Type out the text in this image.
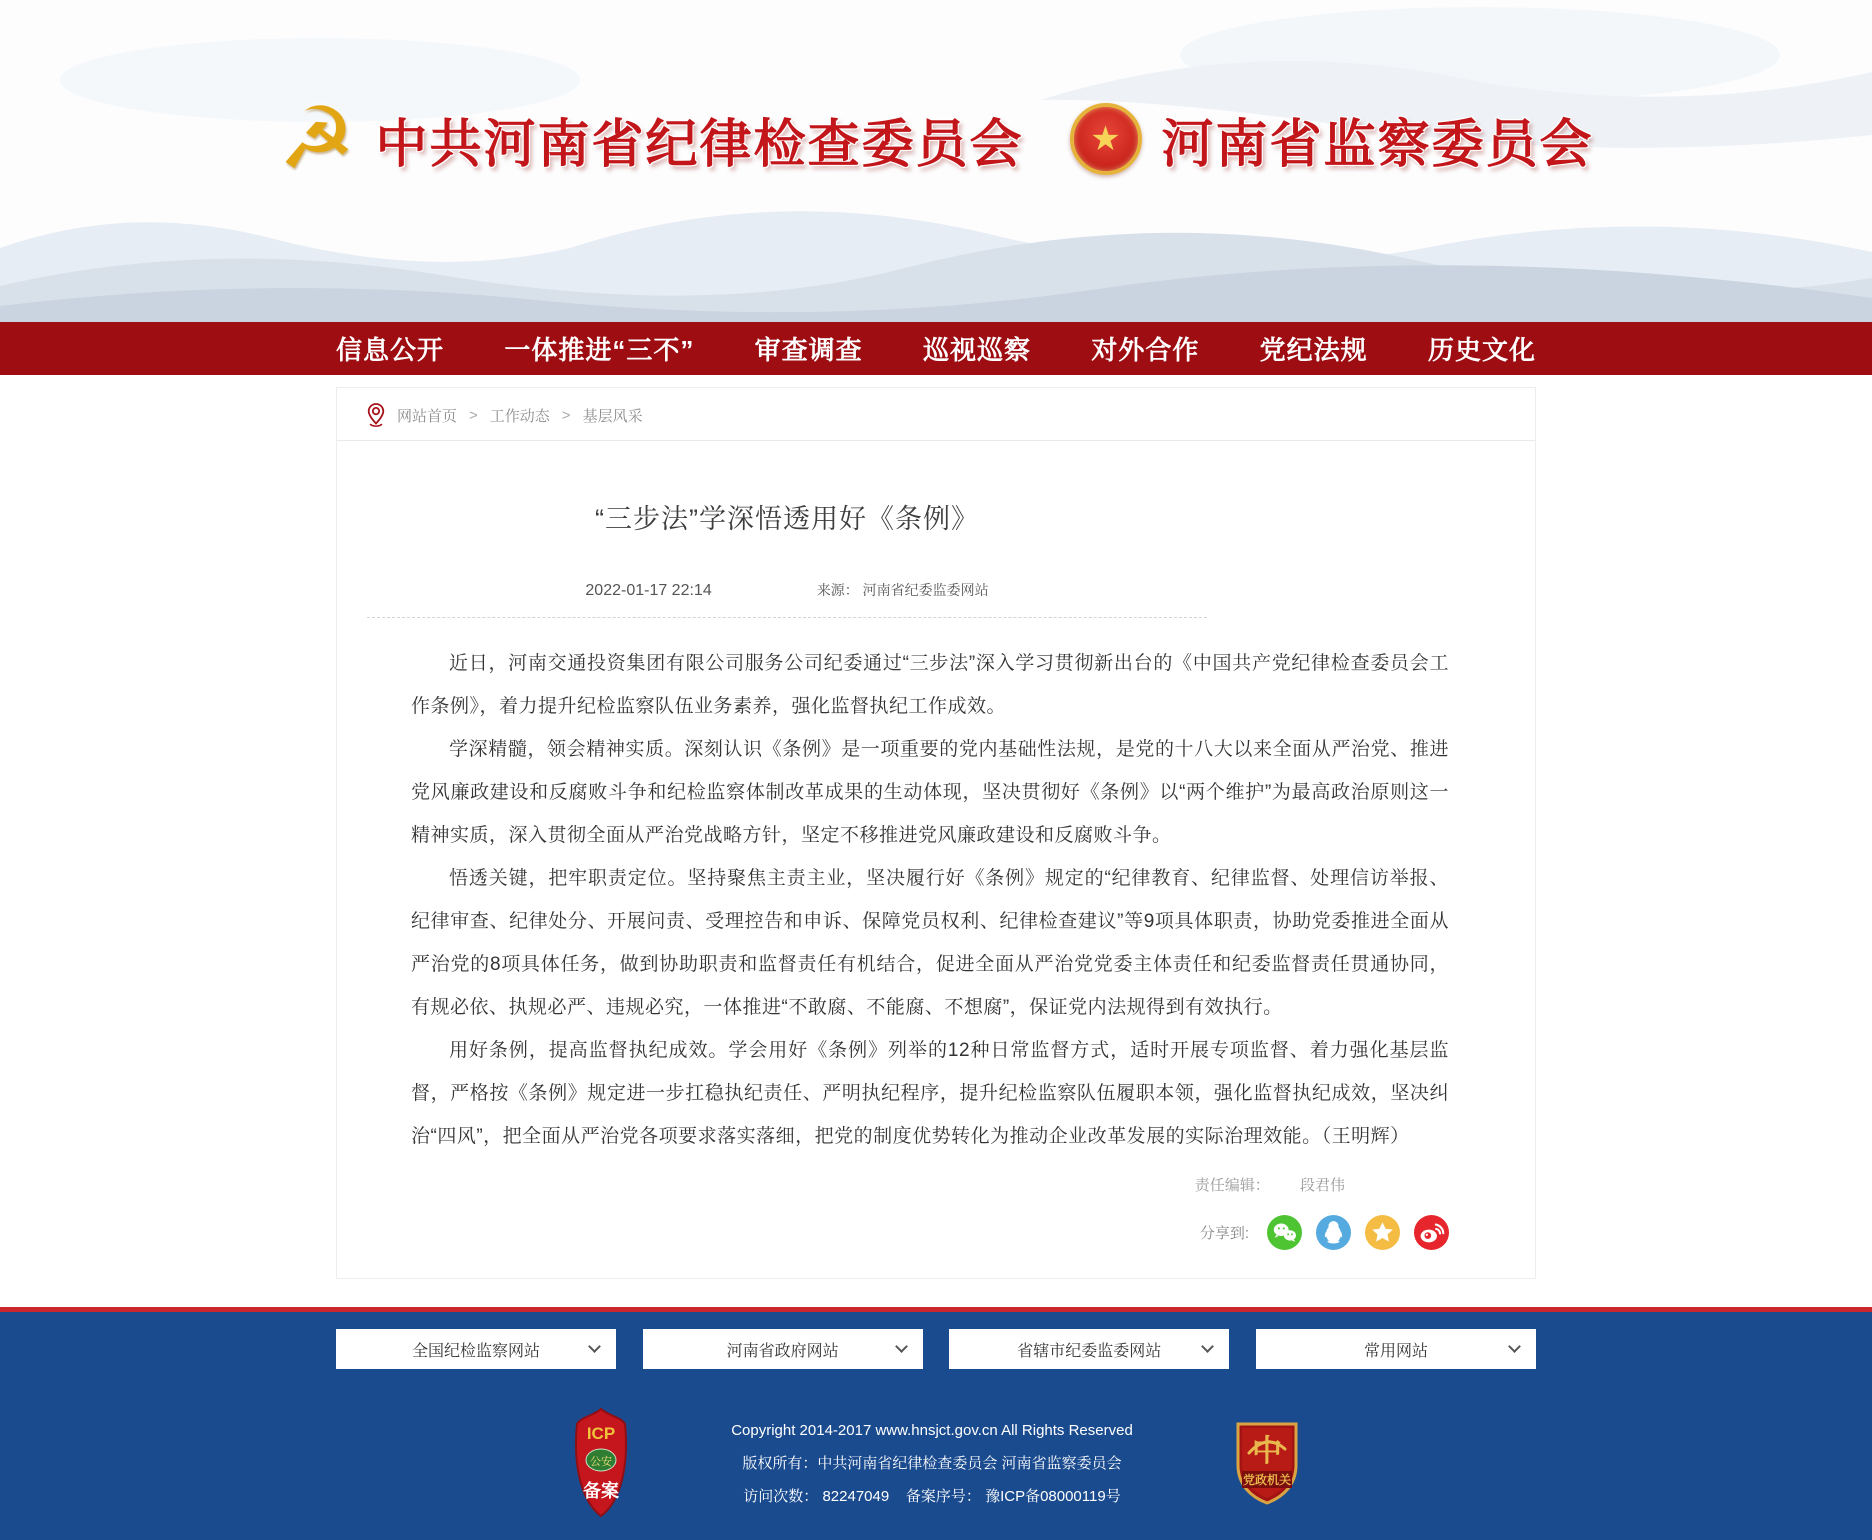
☭ 中共河南省纪律检查委员会	★ 河南省监察委员会
信息公开 一体推进“三不” 审查调查 巡视巡察 对外合作 党纪法规 历史文化
网站首页 > 工作动态 > 基层风采
“三步法”学深悟透用好《条例》
2022-01-17 22:14	来源： 河南省纪委监委网站

近日，河南交通投资集团有限公司服务公司纪委通过“三步法”深入学习贯彻新出台的《中国共产党纪律检查委员会工作条例》，着力提升纪检监察队伍业务素养，强化监督执纪工作成效。

学深精髓，领会精神实质。深刻认识《条例》是一项重要的党内基础性法规，是党的十八大以来全面从严治党、推进党风廉政建设和反腐败斗争和纪检监察体制改革成果的生动体现，坚决贯彻好《条例》以“两个维护”为最高政治原则这一精神实质，深入贯彻全面从严治党战略方针，坚定不移推进党风廉政建设和反腐败斗争。

悟透关键，把牢职责定位。坚持聚焦主责主业，坚决履行好《条例》规定的“纪律教育、纪律监督、处理信访举报、纪律审查、纪律处分、开展问责、受理控告和申诉、保障党员权利、纪律检查建议”等9项具体职责，协助党委推进全面从严治党的8项具体任务，做到协助职责和监督责任有机结合，促进全面从严治党党委主体责任和纪委监督责任贯通协同，有规必依、执规必严、违规必究，一体推进“不敢腐、不能腐、不想腐”，保证党内法规得到有效执行。

用好条例，提高监督执纪成效。学会用好《条例》列举的12种日常监督方式，适时开展专项监督、着力强化基层监督，严格按《条例》规定进一步扛稳执纪责任、严明执纪程序，提升纪检监察队伍履职本领，强化监督执纪成效，坚决纠治“四风”，把全面从严治党各项要求落实落细，把党的制度优势转化为推动企业改革发展的实际治理效能。（王明辉）

责任编辑： 段君伟
分享到:
全国纪检监察网站	河南省政府网站	省辖市纪委监委网站	常用网站
ICP
公安
备案
Copyright 2014-2017 www.hnsjct.gov.cn All Rights Reserved
版权所有：中共河南省纪律检查委员会 河南省监察委员会
访问次数： 82247049 备案序号： 豫ICP备08000119号
中
党政机关
